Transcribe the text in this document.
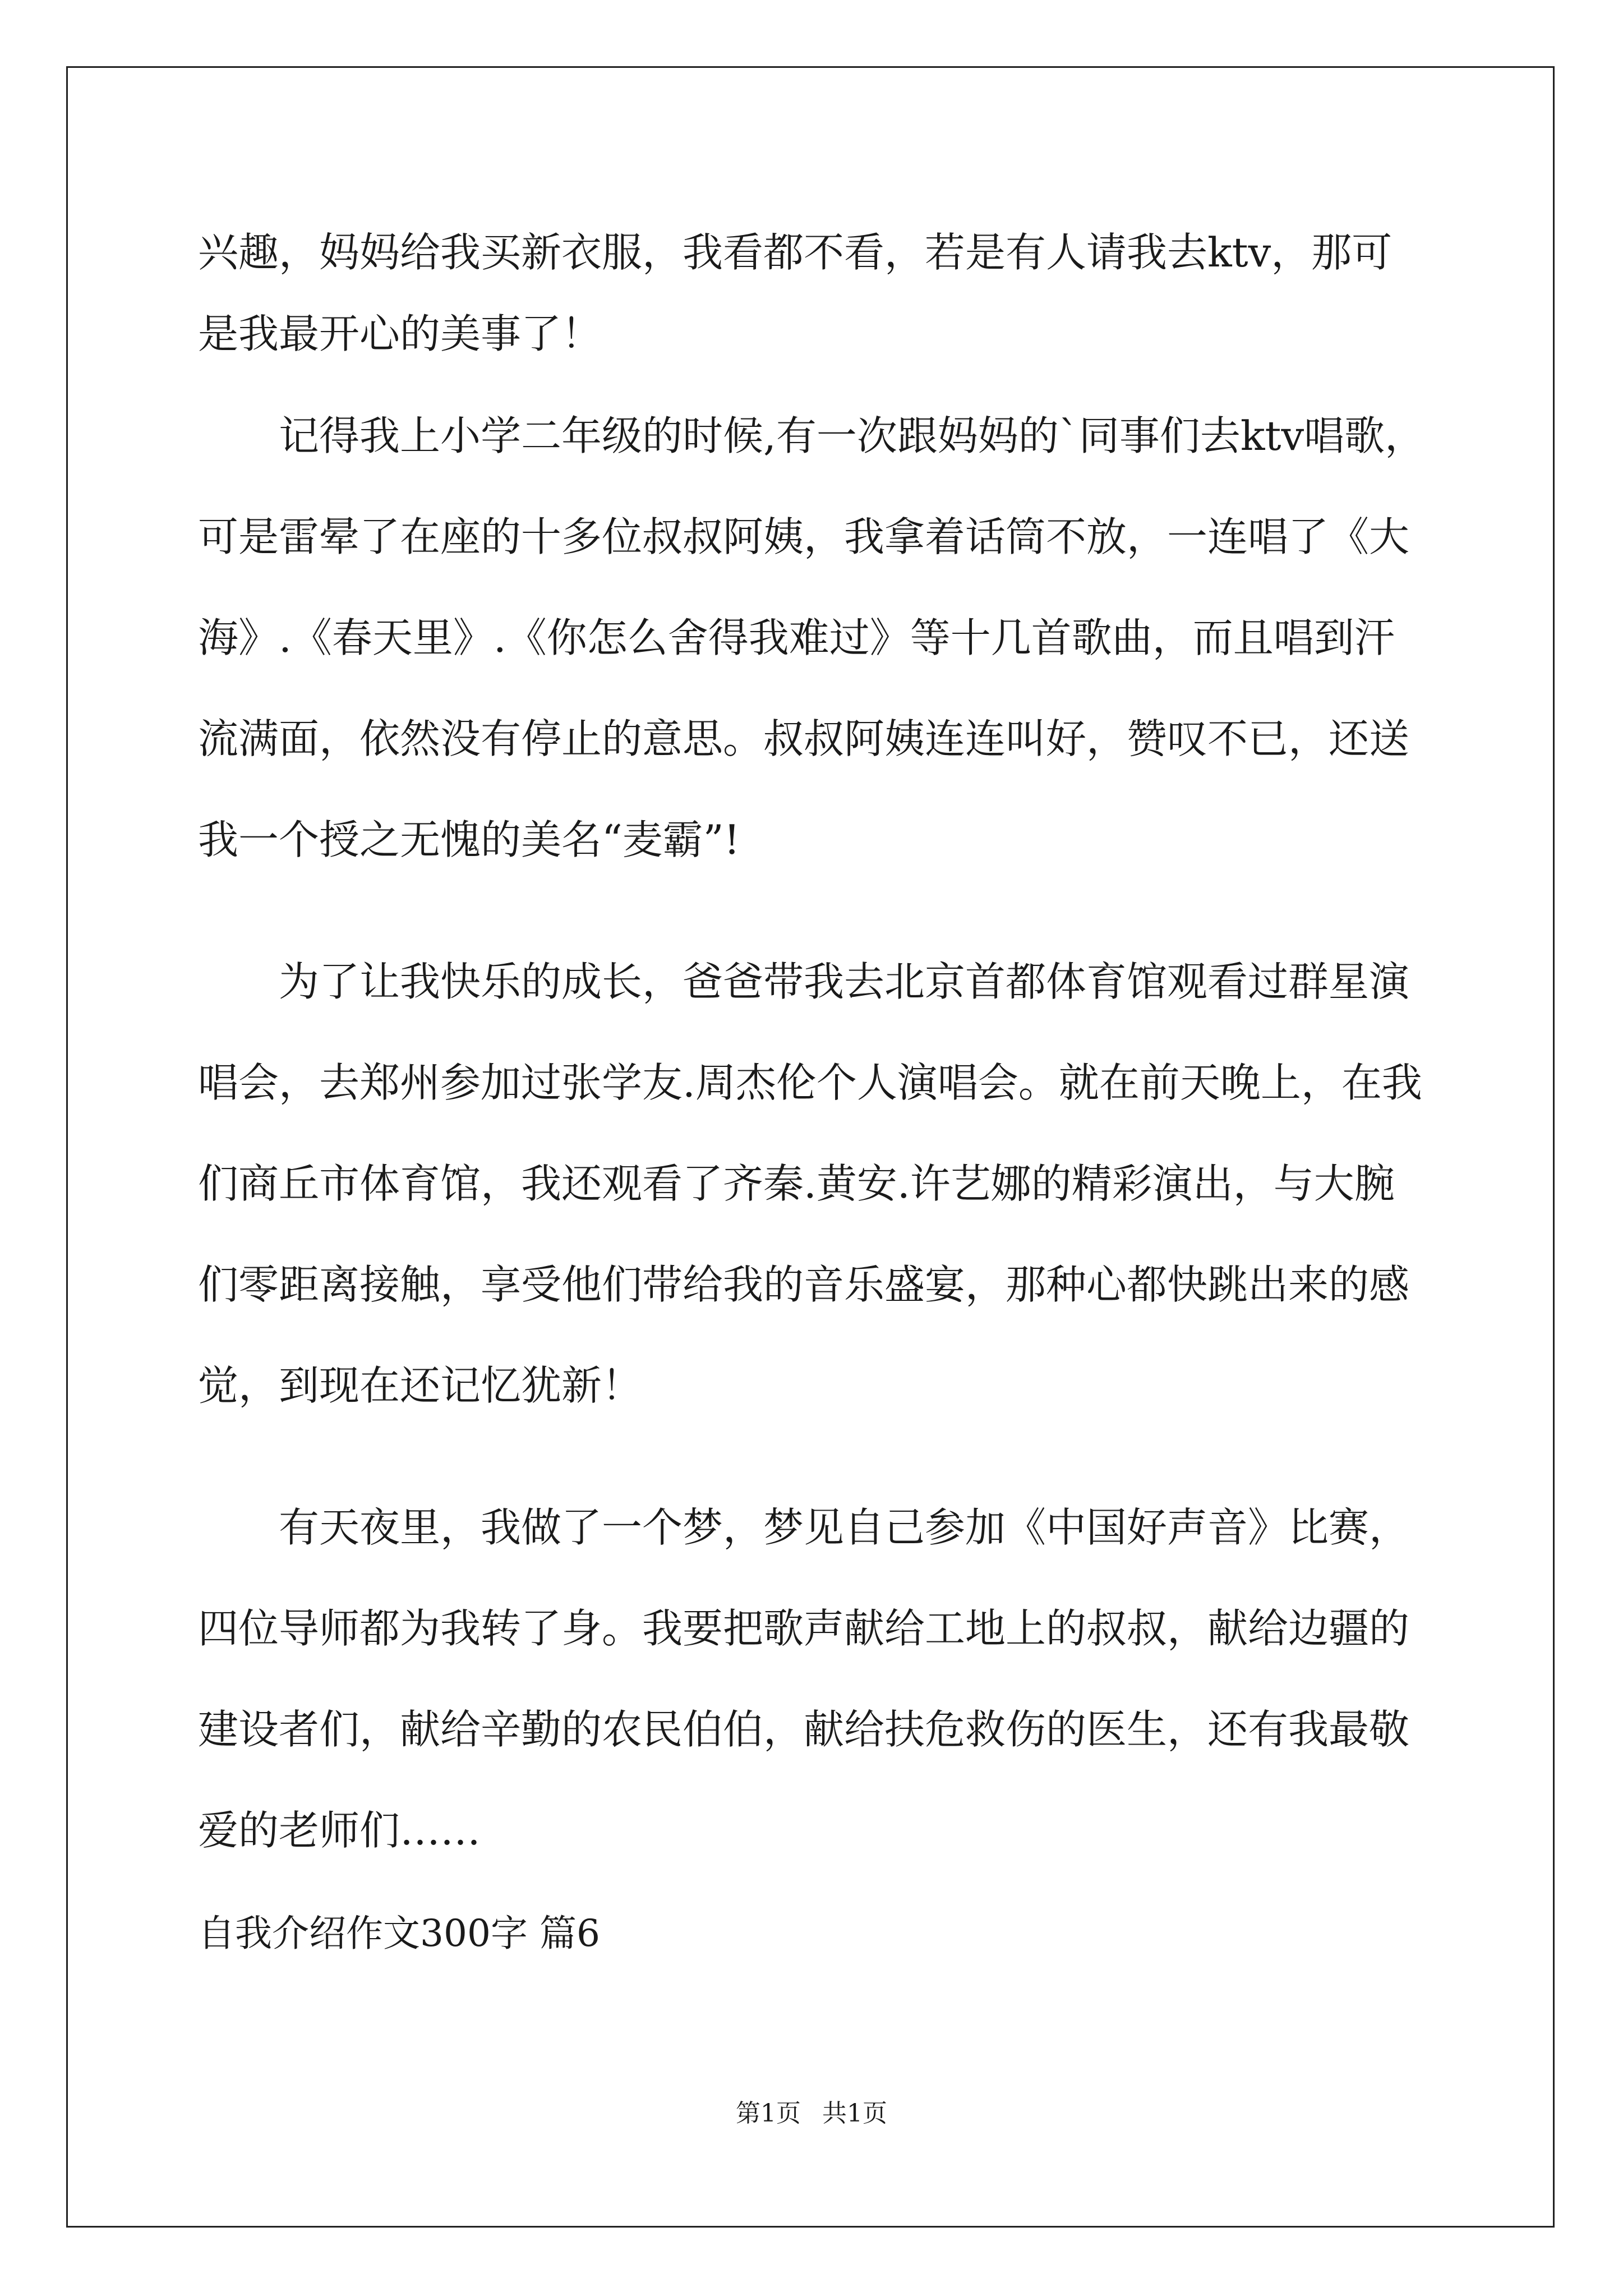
兴趣，妈妈给我买新衣服，我看都不看，若是有人请我去ktv，那可
是我最开心的美事了！
记得我上小学二年级的时候,有一次跟妈妈的`同事们去ktv唱歌，
可是雷晕了在座的十多位叔叔阿姨，我拿着话筒不放，一连唱了《大
海》.《春天里》.《你怎么舍得我难过》等十几首歌曲，而且唱到汗
流满面，依然没有停止的意思。叔叔阿姨连连叫好，赞叹不已，还送
我一个授之无愧的美名“麦霸”!
为了让我快乐的成长，爸爸带我去北京首都体育馆观看过群星演
唱会，去郑州参加过张学友.周杰伦个人演唱会。就在前天晚上，在我
们商丘市体育馆，我还观看了齐秦.黄安.许艺娜的精彩演出，与大腕
们零距离接触，享受他们带给我的音乐盛宴，那种心都快跳出来的感
觉，到现在还记忆犹新！
有天夜里，我做了一个梦，梦见自己参加《中国好声音》比赛，
四位导师都为我转了身。我要把歌声献给工地上的叔叔，献给边疆的
建设者们，献给辛勤的农民伯伯，献给扶危救伤的医生，还有我最敬
爱的老师们……
自我介绍作文300字 篇6
第1页 共1页
